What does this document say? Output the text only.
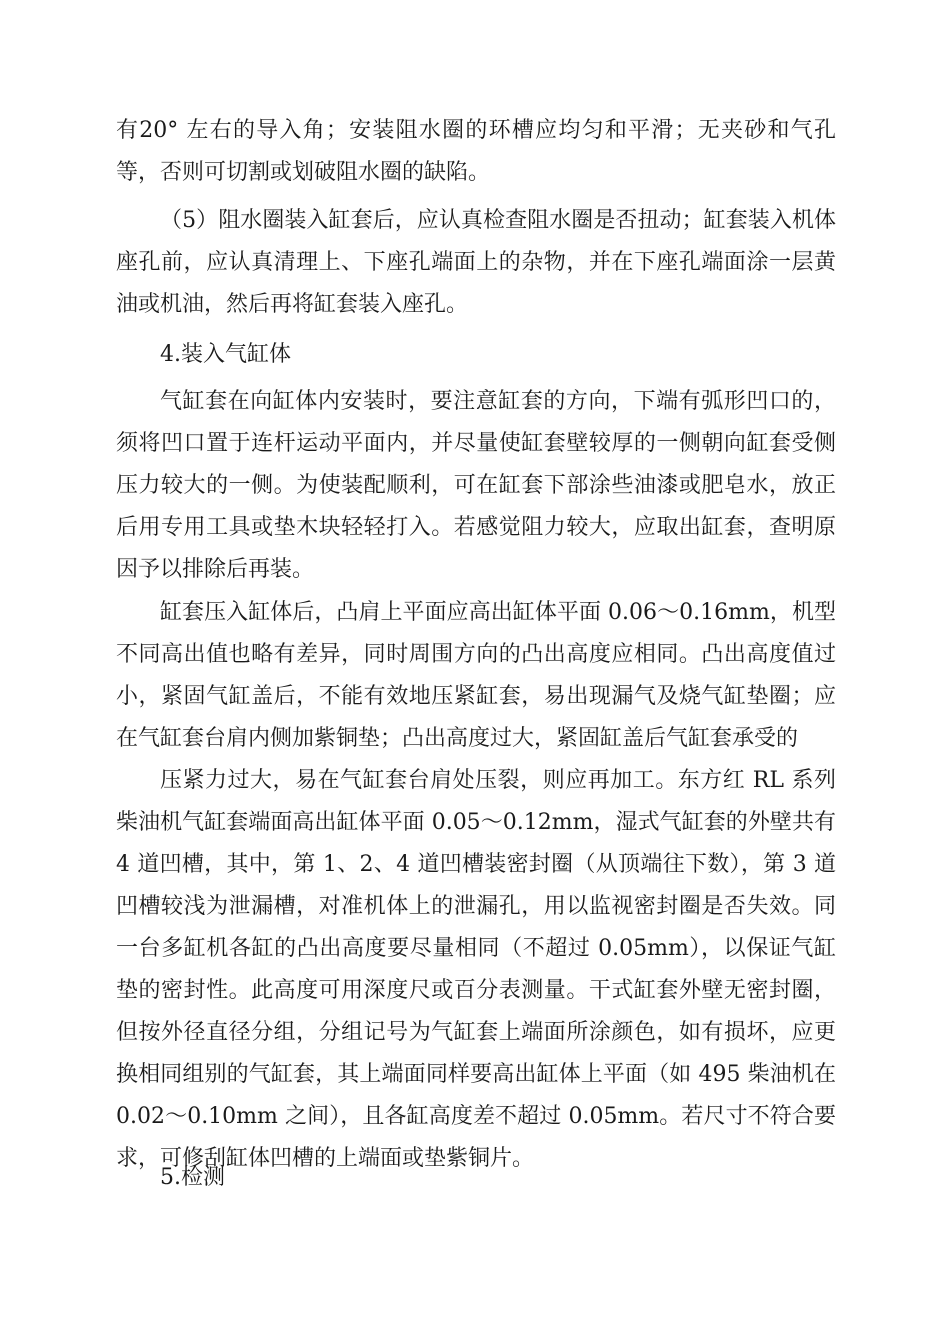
有20° 左右的导入角；安装阻水圈的环槽应均匀和平滑；无夹砂和气孔等，否则可切割或划破阻水圈的缺陷。

（5）阻水圈装入缸套后，应认真检查阻水圈是否扭动；缸套装入机体座孔前，应认真清理上、下座孔端面上的杂物，并在下座孔端面涂一层黄油或机油，然后再将缸套装入座孔。

4.装入气缸体

气缸套在向缸体内安装时，要注意缸套的方向，下端有弧形凹口的，须将凹口置于连杆运动平面内，并尽量使缸套壁较厚的一侧朝向缸套受侧压力较大的一侧。为使装配顺利，可在缸套下部涂些油漆或肥皂水，放正后用专用工具或垫木块轻轻打入。若感觉阻力较大，应取出缸套，查明原因予以排除后再装。

缸套压入缸体后，凸肩上平面应高出缸体平面 0.06～0.16mm，机型不同高出值也略有差异，同时周围方向的凸出高度应相同。凸出高度值过小，紧固气缸盖后，不能有效地压紧缸套，易出现漏气及烧气缸垫圈；应在气缸套台肩内侧加紫铜垫；凸出高度过大，紧固缸盖后气缸套承受的

压紧力过大，易在气缸套台肩处压裂，则应再加工。东方红 RL 系列柴油机气缸套端面高出缸体平面 0.05～0.12mm，湿式气缸套的外壁共有 4 道凹槽，其中，第 1、2、4 道凹槽装密封圈（从顶端往下数），第 3 道凹槽较浅为泄漏槽，对准机体上的泄漏孔，用以监视密封圈是否失效。同一台多缸机各缸的凸出高度要尽量相同（不超过 0.05mm），以保证气缸垫的密封性。此高度可用深度尺或百分表测量。干式缸套外壁无密封圈，但按外径直径分组，分组记号为气缸套上端面所涂颜色，如有损坏，应更换相同组别的气缸套，其上端面同样要高出缸体上平面（如 495 柴油机在 0.02～0.10mm 之间），且各缸高度差不超过 0.05mm。若尺寸不符合要求，可修刮缸体凹槽的上端面或垫紫铜片。

5.检测
